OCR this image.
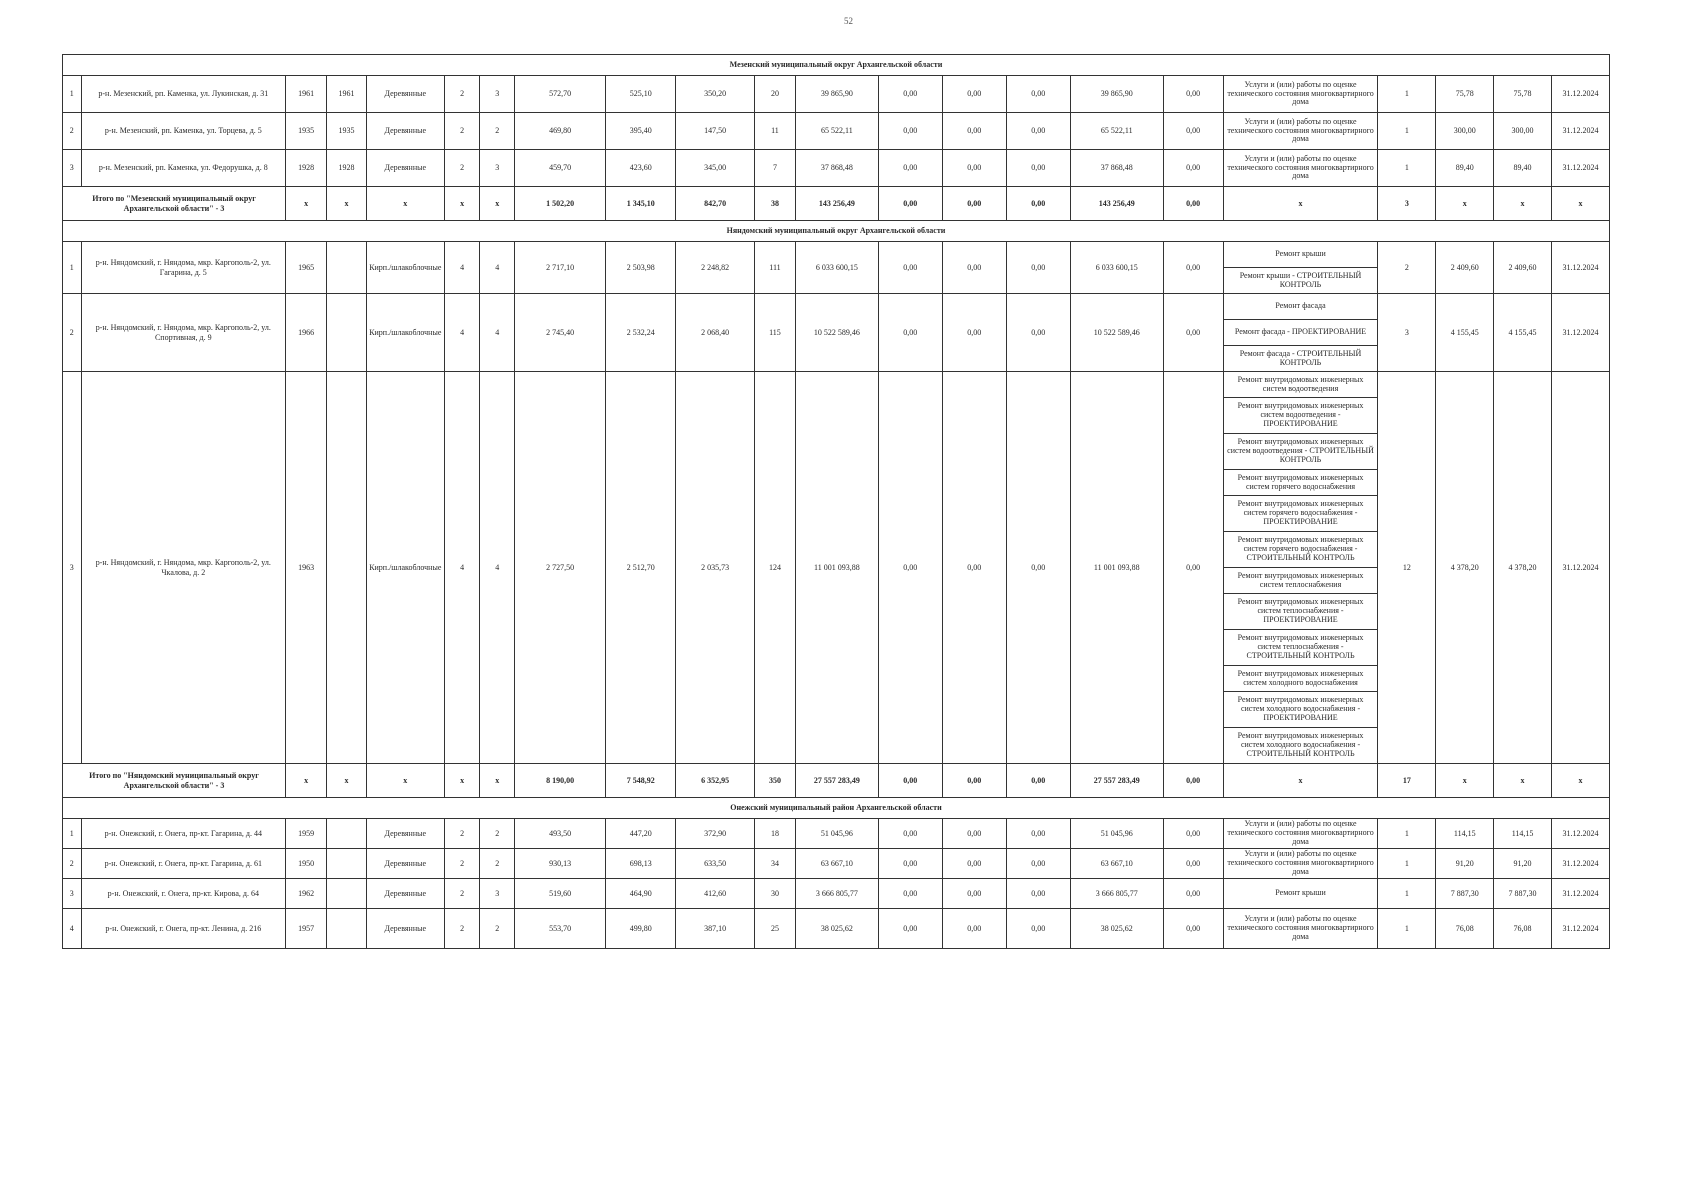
52
Мезенский муниципальный округ Архангельской области																					
1	р-н. Мезенский, рп. Каменка, ул. Лукинская, д. 31	1961	1961	Деревянные	2	3	572,70	525,10	350,20	20	39 865,90	0,00	0,00	0,00	39 865,90	0,00	Услуги и (или) работы по оценке технического состояния многоквартирного дома	1	75,78	75,78	31.12.2024
2	р-н. Мезенский, рп. Каменка, ул. Торцева, д. 5	1935	1935	Деревянные	2	2	469,80	395,40	147,50	11	65 522,11	0,00	0,00	0,00	65 522,11	0,00	Услуги и (или) работы по оценке технического состояния многоквартирного дома	1	300,00	300,00	31.12.2024
3	р-н. Мезенский, рп. Каменка, ул. Федорушка, д. 8	1928	1928	Деревянные	2	3	459,70	423,60	345,00	7	37 868,48	0,00	0,00	0,00	37 868,48	0,00	Услуги и (или) работы по оценке технического состояния многоквартирного дома	1	89,40	89,40	31.12.2024
Итого по "Мезенский муниципальный округ Архангельской области" - 3		x	x	x	x	x	1 502,20	1 345,10	842,70	38	143 256,49	0,00	0,00	0,00	143 256,49	0,00	x	3	x	x	x
Няндомский муниципальный округ Архангельской области																					
1	р-н. Няндомский, г. Няндома, мкр. Каргополь-2, ул. Гагарина, д. 5	1965		Кирп./шлакоблочные	4	4	2 717,10	2 503,98	2 248,82	111	6 033 600,15	0,00	0,00	0,00	6 033 600,15	0,00	Ремонт крыши	2	2 409,60	2 409,60	31.12.2024
																	Ремонт крыши - СТРОИТЕЛЬНЫЙ КОНТРОЛЬ				
2	р-н. Няндомский, г. Няндома, мкр. Каргополь-2, ул. Спортивная, д. 9	1966		Кирп./шлакоблочные	4	4	2 745,40	2 532,24	2 068,40	115	10 522 589,46	0,00	0,00	0,00	10 522 589,46	0,00	Ремонт фасада	3	4 155,45	4 155,45	31.12.2024
																	Ремонт фасада - ПРОЕКТИРОВАНИЕ				
																	Ремонт фасада - СТРОИТЕЛЬНЫЙ КОНТРОЛЬ				
3	р-н. Няндомский, г. Няндома, мкр. Каргополь-2, ул. Чкалова, д. 2	1963		Кирп./шлакоблочные	4	4	2 727,50	2 512,70	2 035,73	124	11 001 093,88	0,00	0,00	0,00	11 001 093,88	0,00	Ремонт внутридомовых инженерных систем водоотведения	12	4 378,20	4 378,20	31.12.2024
																	Ремонт внутридомовых инженерных систем водоотведения - ПРОЕКТИРОВАНИЕ				
																	Ремонт внутридомовых инженерных систем водоотведения - СТРОИТЕЛЬНЫЙ КОНТРОЛЬ				
																	Ремонт внутридомовых инженерных систем горячего водоснабжения				
																	Ремонт внутридомовых инженерных систем горячего водоснабжения - ПРОЕКТИРОВАНИЕ				
																	Ремонт внутридомовых инженерных систем горячего водоснабжения - СТРОИТЕЛЬНЫЙ КОНТРОЛЬ				
																	Ремонт внутридомовых инженерных систем теплоснабжения				
																	Ремонт внутридомовых инженерных систем теплоснабжения - ПРОЕКТИРОВАНИЕ				
																	Ремонт внутридомовых инженерных систем теплоснабжения - СТРОИТЕЛЬНЫЙ КОНТРОЛЬ				
																	Ремонт внутридомовых инженерных систем холодного водоснабжения				
																	Ремонт внутридомовых инженерных систем холодного водоснабжения - ПРОЕКТИРОВАНИЕ				
																	Ремонт внутридомовых инженерных систем холодного водоснабжения - СТРОИТЕЛЬНЫЙ КОНТРОЛЬ				
Итого по "Няндомский муниципальный округ Архангельской области" - 3		x	x	x	x	x	8 190,00	7 548,92	6 352,95	350	27 557 283,49	0,00	0,00	0,00	27 557 283,49	0,00	x	17	x	x	x
Онежский муниципальный район Архангельской области																					
1	р-н. Онежский, г. Онега, пр-кт. Гагарина, д. 44	1959		Деревянные	2	2	493,50	447,20	372,90	18	51 045,96	0,00	0,00	0,00	51 045,96	0,00	Услуги и (или) работы по оценке технического состояния многоквартирного дома	1	114,15	114,15	31.12.2024
2	р-н. Онежский, г. Онега, пр-кт. Гагарина, д. 61	1950		Деревянные	2	2	930,13	698,13	633,50	34	63 667,10	0,00	0,00	0,00	63 667,10	0,00	Услуги и (или) работы по оценке технического состояния многоквартирного дома	1	91,20	91,20	31.12.2024
3	р-н. Онежский, г. Онега, пр-кт. Кирова, д. 64	1962		Деревянные	2	3	519,60	464,90	412,60	30	3 666 805,77	0,00	0,00	0,00	3 666 805,77	0,00	Ремонт крыши	1	7 887,30	7 887,30	31.12.2024
4	р-н. Онежский, г. Онега, пр-кт. Ленина, д. 216	1957		Деревянные	2	2	553,70	499,80	387,10	25	38 025,62	0,00	0,00	0,00	38 025,62	0,00	Услуги и (или) работы по оценке технического состояния многоквартирного дома	1	76,08	76,08	31.12.2024
